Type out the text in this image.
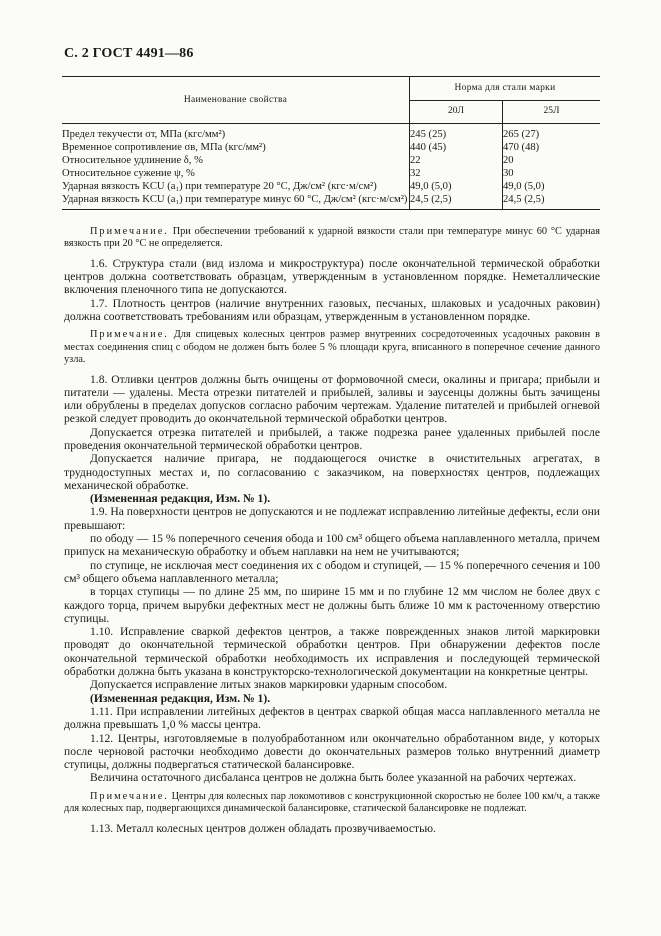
С. 2 ГОСТ 4491—86
Наименование свойства	Норма для стали марки	
	20Л	25Л
Предел текучести σт, МПа (кгс/мм²)	245 (25)	265 (27)
Временное сопротивление σв, МПа (кгс/мм²)	440 (45)	470 (48)
Относительное удлинение δ, %	22	20
Относительное сужение ψ, %	32	30
Ударная вязкость KCU (а₁) при температуре 20 °С, Дж/см² (кгс·м/см²)	49,0 (5,0)	49,0 (5,0)
Ударная вязкость KCU (а₁) при температуре минус 60 °С, Дж/см² (кгс·м/см²)	24,5 (2,5)	24,5 (2,5)

Примечание. При обеспечении требований к ударной вязкости стали при температуре минус 60 °С ударная вязкость при 20 °С не определяется.

1.6. Структура стали (вид излома и микроструктура) после окончательной термической обработки центров должна соответствовать образцам, утвержденным в установленном порядке. Неметаллические включения пленочного типа не допускаются.

1.7. Плотность центров (наличие внутренних газовых, песчаных, шлаковых и усадочных раковин) должна соответствовать требованиям или образцам, утвержденным в установленном порядке.

Примечание. Для спицевых колесных центров размер внутренних сосредоточенных усадочных раковин в местах соединения спиц с ободом не должен быть более 5 % площади круга, вписанного в поперечное сечение данного узла.

1.8. Отливки центров должны быть очищены от формовочной смеси, окалины и пригара; прибыли и питатели — удалены. Места отрезки питателей и прибылей, заливы и заусенцы должны быть зачищены или обрублены в пределах допусков согласно рабочим чертежам. Удаление питателей и прибылей огневой резкой следует проводить до окончательной термической обработки центров.

Допускается отрезка питателей и прибылей, а также подрезка ранее удаленных прибылей после проведения окончательной термической обработки центров.

Допускается наличие пригара, не поддающегося очистке в очистительных агрегатах, в труднодоступных местах и, по согласованию с заказчиком, на поверхностях центров, подлежащих механической обработке.

(Измененная редакция, Изм. № 1).

1.9. На поверхности центров не допускаются и не подлежат исправлению литейные дефекты, если они превышают:

по ободу — 15 % поперечного сечения обода и 100 см³ общего объема наплавленного металла, причем припуск на механическую обработку и объем наплавки на нем не учитываются;

по ступице, не исключая мест соединения их с ободом и ступицей, — 15 % поперечного сечения и 100 см³ общего объема наплавленного металла;

в торцах ступицы — по длине 25 мм, по ширине 15 мм и по глубине 12 мм числом не более двух с каждого торца, причем вырубки дефектных мест не должны быть ближе 10 мм к расточенному отверстию ступицы.

1.10. Исправление сваркой дефектов центров, а также поврежденных знаков литой маркировки проводят до окончательной термической обработки центров. При обнаружении дефектов после окончательной термической обработки необходимость их исправления и последующей термической обработки должна быть указана в конструкторско-технологической документации на конкретные центры.

Допускается исправление литых знаков маркировки ударным способом.

(Измененная редакция, Изм. № 1).

1.11. При исправлении литейных дефектов в центрах сваркой общая масса наплавленного металла не должна превышать 1,0 % массы центра.

1.12. Центры, изготовляемые в полуобработанном или окончательно обработанном виде, у которых после черновой расточки необходимо довести до окончательных размеров только внутренний диаметр ступицы, должны подвергаться статической балансировке.

Величина остаточного дисбаланса центров не должна быть более указанной на рабочих чертежах.

Примечание. Центры для колесных пар локомотивов с конструкционной скоростью не более 100 км/ч, а также для колесных пар, подвергающихся динамической балансировке, статической балансировке не подлежат.

1.13. Металл колесных центров должен обладать прозвучиваемостью.
